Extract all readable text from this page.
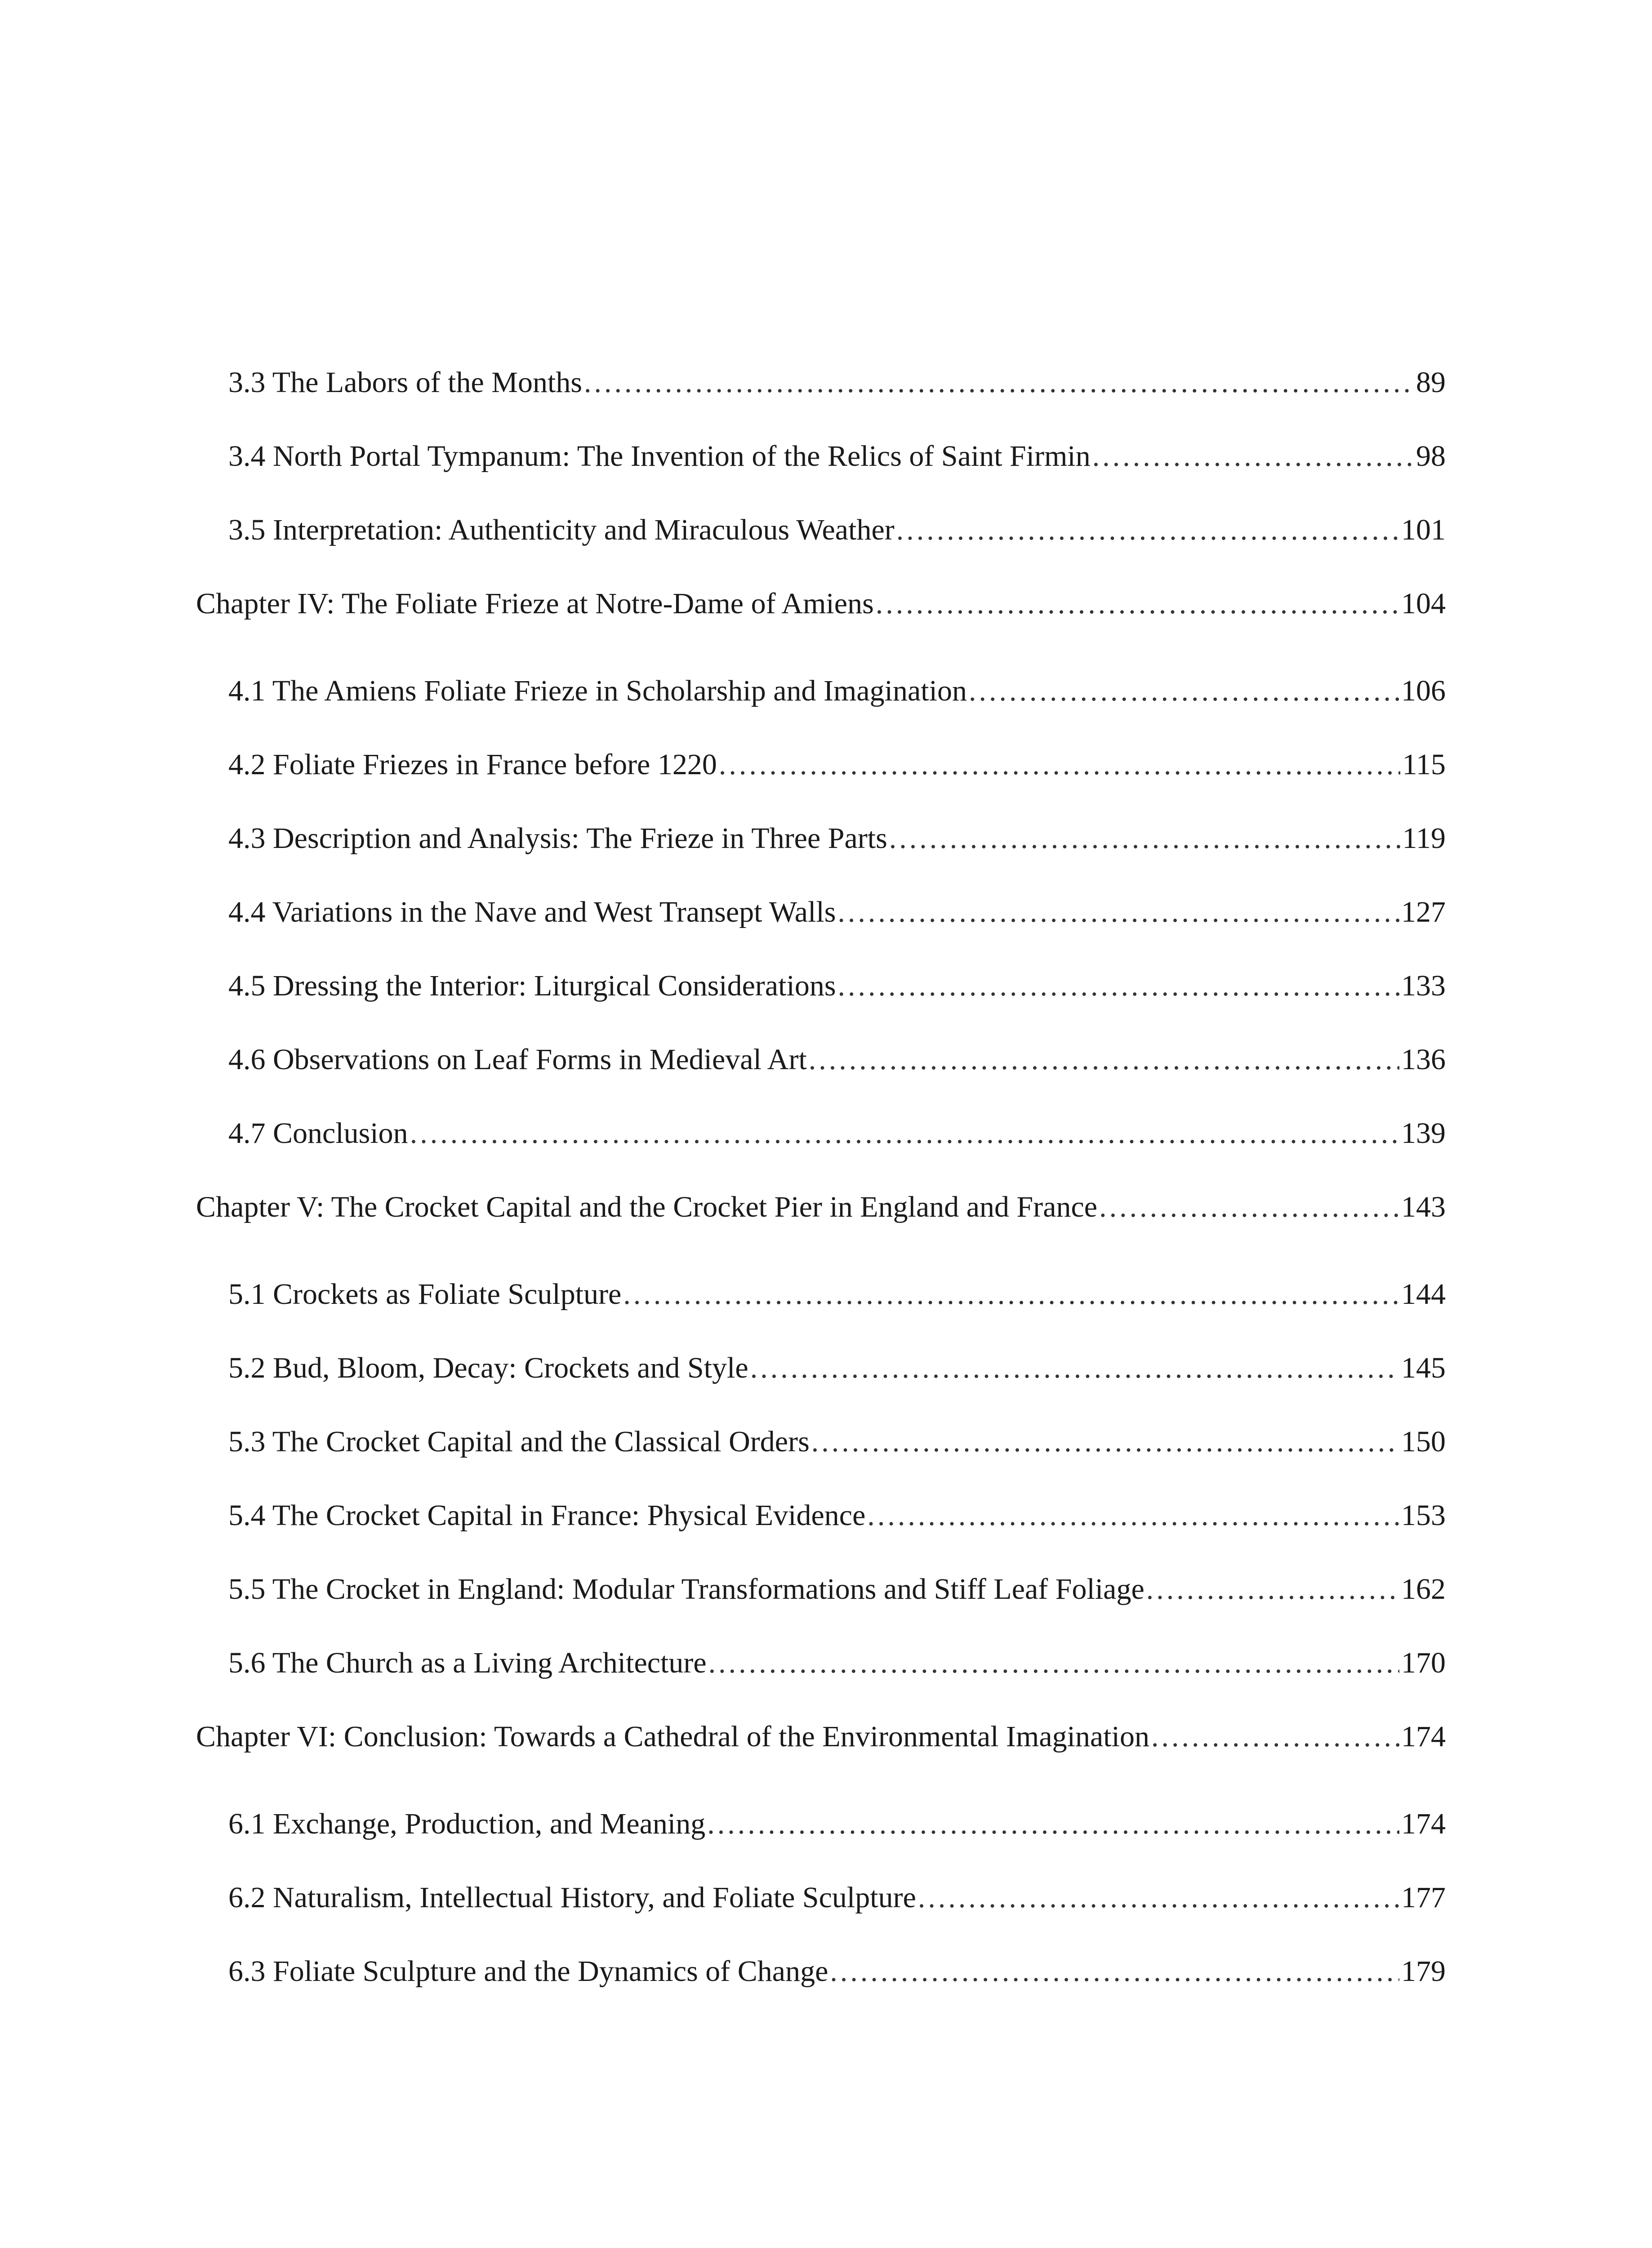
3.3 The Labors of the Months .....	89
3.4 North Portal Tympanum: The Invention of the Relics of Saint Firmin .....	98
3.5 Interpretation: Authenticity and Miraculous Weather .....	101
Chapter IV: The Foliate Frieze at Notre-Dame of Amiens .....	104
4.1 The Amiens Foliate Frieze in Scholarship and Imagination .....	106
4.2 Foliate Friezes in France before 1220 .....	115
4.3 Description and Analysis: The Frieze in Three Parts .....	119
4.4 Variations in the Nave and West Transept Walls .....	127
4.5 Dressing the Interior: Liturgical Considerations .....	133
4.6 Observations on Leaf Forms in Medieval Art .....	136
4.7 Conclusion .....	139
Chapter V: The Crocket Capital and the Crocket Pier in England and France .....	143
5.1 Crockets as Foliate Sculpture .....	144
5.2 Bud, Bloom, Decay: Crockets and Style .....	145
5.3 The Crocket Capital and the Classical Orders .....	150
5.4 The Crocket Capital in France: Physical Evidence .....	153
5.5 The Crocket in England: Modular Transformations and Stiff Leaf Foliage .....	162
5.6 The Church as a Living Architecture .....	170
Chapter VI: Conclusion: Towards a Cathedral of the Environmental Imagination .....	174
6.1 Exchange, Production, and Meaning .....	174
6.2 Naturalism, Intellectual History, and Foliate Sculpture .....	177
6.3 Foliate Sculpture and the Dynamics of Change .....	179
